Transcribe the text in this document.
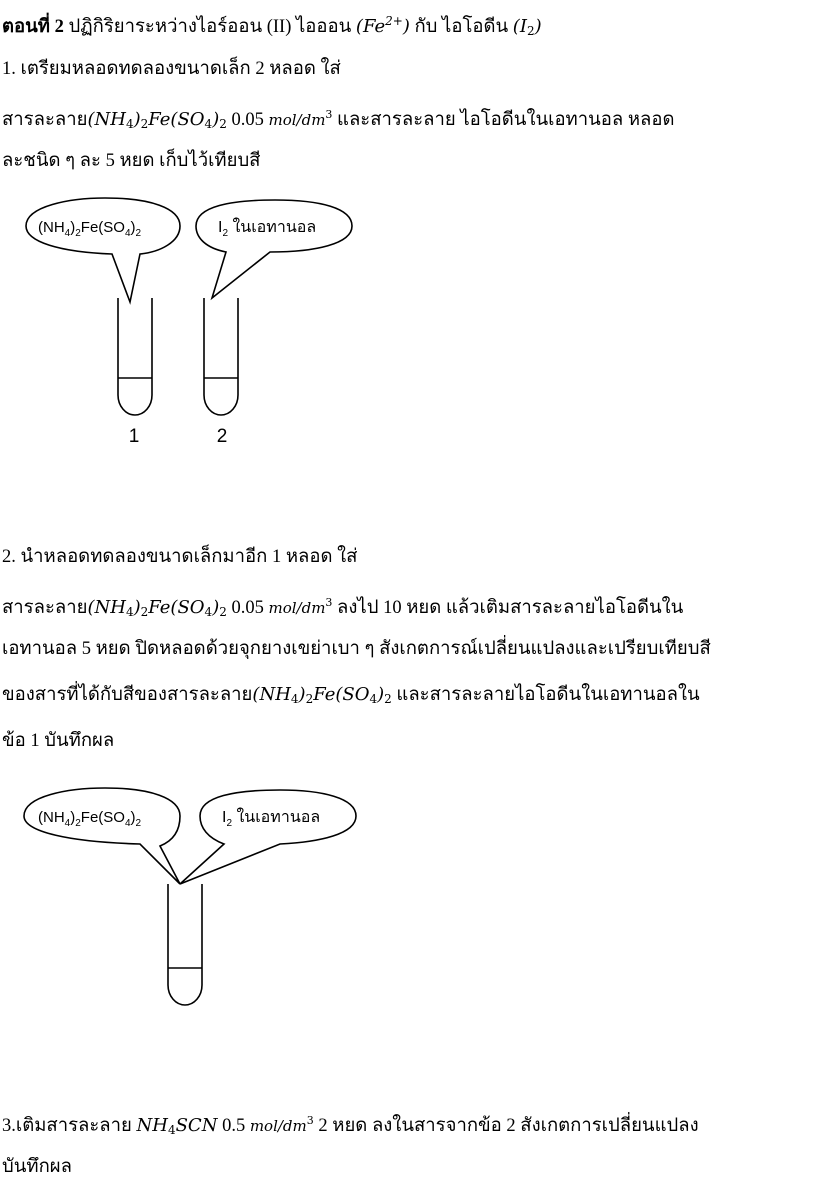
ตอนที่ 2 ปฏิกิริยาระหว่างไอร์ออน (II) ไอออน $(Fe^{2+})$ กับ ไอโอดีน $(I_2)$
1. เตรียมหลอดทดลองขนาดเล็ก 2 หลอด ใส่
สารละลาย$(NH_4)_2Fe(SO_4)_2$ 0.05 mol/$dm^3$ และสารละลาย ไอโอดีนในเอทานอล หลอด
ละชนิด ๆ ละ 5 หยด เก็บไว้เทียบสี
$(NH_4)_2Fe(SO_4)_2$	$I_2$ ในเอทานอล
1	2
2. นำหลอดทดลองขนาดเล็กมาอีก 1 หลอด ใส่
สารละลาย$(NH_4)_2Fe(SO_4)_2$ 0.05 mol/$dm^3$ ลงไป 10 หยด แล้วเติมสารละลายไอโอดีนใน
เอทานอล 5 หยด ปิดหลอดด้วยจุกยางเขย่าเบา ๆ สังเกตการณ์เปลี่ยนแปลงและเปรียบเทียบสี
ของสารที่ได้กับสีของสารละลาย$(NH_4)_2Fe(SO_4)_2$ และสารละลายไอโอดีนในเอทานอลใน
ข้อ 1 บันทึกผล
$(NH_4)_2Fe(SO_4)_2$	$I_2$ ในเอทานอล
3.เติมสารละลาย $NH_4SCN$ 0.5 mol/$dm^3$ 2 หยด ลงในสารจากข้อ 2 สังเกตการเปลี่ยนแปลง
บันทึกผล
